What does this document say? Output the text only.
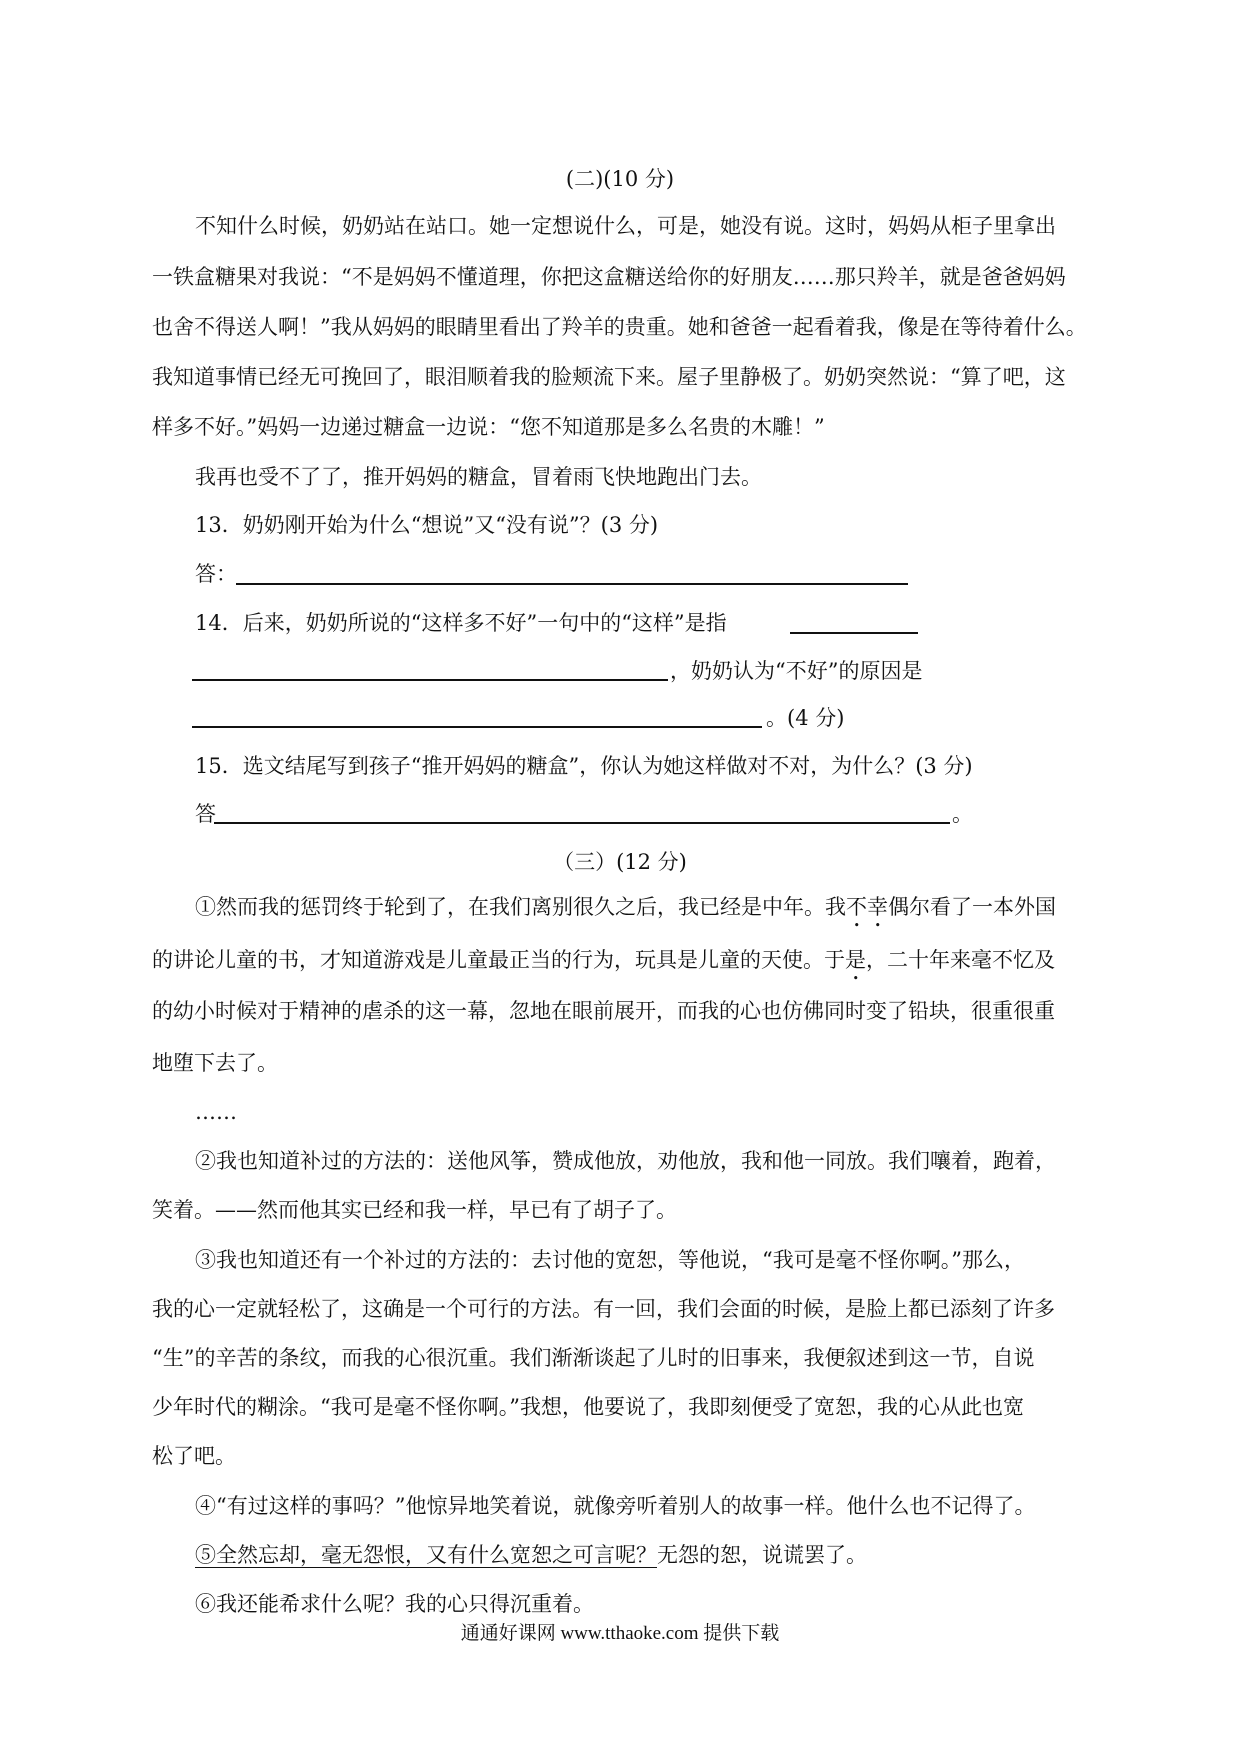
(二)(10 分)
不知什么时候，奶奶站在站口。她一定想说什么，可是，她没有说。这时，妈妈从柜子里拿出
一铁盒糖果对我说：“不是妈妈不懂道理，你把这盒糖送给你的好朋友……那只羚羊，就是爸爸妈妈
也舍不得送人啊！”我从妈妈的眼睛里看出了羚羊的贵重。她和爸爸一起看着我，像是在等待着什么。
我知道事情已经无可挽回了，眼泪顺着我的脸颊流下来。屋子里静极了。奶奶突然说：“算了吧，这
样多不好。”妈妈一边递过糖盒一边说：“您不知道那是多么名贵的木雕！”
我再也受不了了，推开妈妈的糖盒，冒着雨飞快地跑出门去。
13．奶奶刚开始为什么“想说”又“没有说”？(3 分)
答：
14．后来，奶奶所说的“这样多不好”一句中的“这样”是指
，奶奶认为“不好”的原因是
。(4 分)
15．选文结尾写到孩子“推开妈妈的糖盒”，你认为她这样做对不对，为什么？(3 分)
答	。
（三）(12 分)
①然而我的惩罚终于轮到了，在我们离别很久之后，我已经是中年。我不幸偶尔看了一本外国
的讲论儿童的书，才知道游戏是儿童最正当的行为，玩具是儿童的天使。于是，二十年来毫不忆及
的幼小时候对于精神的虐杀的这一幕，忽地在眼前展开，而我的心也仿佛同时变了铅块，很重很重
地堕下去了。
……
②我也知道补过的方法的：送他风筝，赞成他放，劝他放，我和他一同放。我们嚷着，跑着，
笑着。——然而他其实已经和我一样，早已有了胡子了。
③我也知道还有一个补过的方法的：去讨他的宽恕，等他说，“我可是毫不怪你啊。”那么，
我的心一定就轻松了，这确是一个可行的方法。有一回，我们会面的时候，是脸上都已添刻了许多
“生”的辛苦的条纹，而我的心很沉重。我们渐渐谈起了儿时的旧事来，我便叙述到这一节，自说
少年时代的糊涂。“我可是毫不怪你啊。”我想，他要说了，我即刻便受了宽恕，我的心从此也宽
松了吧。
④“有过这样的事吗？”他惊异地笑着说，就像旁听着别人的故事一样。他什么也不记得了。
⑤全然忘却，毫无怨恨，又有什么宽恕之可言呢？无怨的恕，说谎罢了。
⑥我还能希求什么呢？我的心只得沉重着。
通通好课网 www.tthaoke.com 提供下载
